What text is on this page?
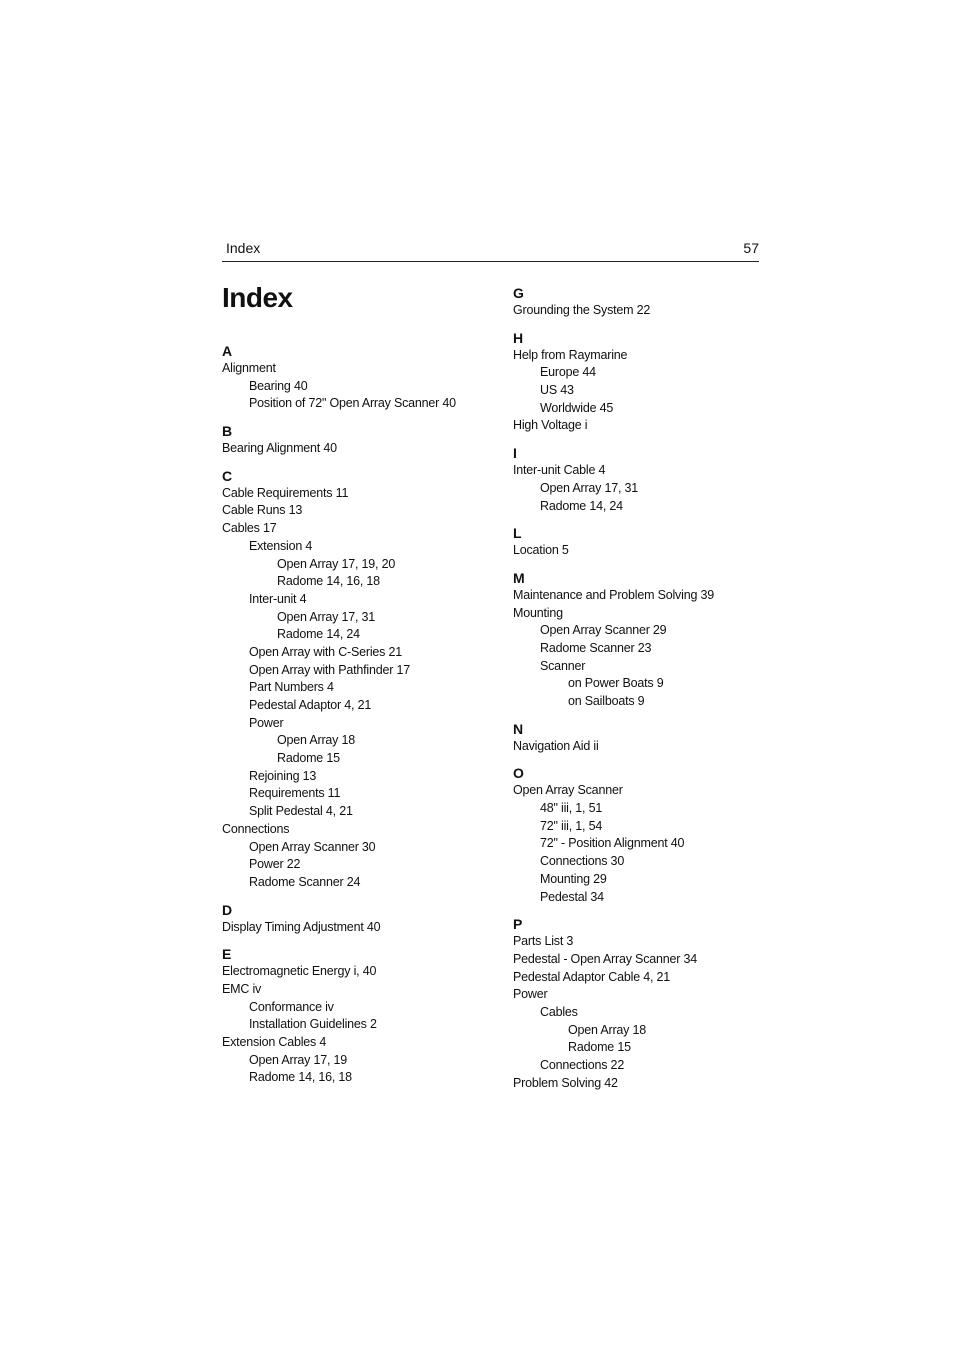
Index	57
Index
A
Alignment
Bearing 40
Position of 72" Open Array Scanner 40
B
Bearing Alignment 40
C
Cable Requirements 11
Cable Runs 13
Cables 17
Extension 4
Open Array 17, 19, 20
Radome 14, 16, 18
Inter-unit 4
Open Array 17, 31
Radome 14, 24
Open Array with C-Series 21
Open Array with Pathfinder 17
Part Numbers 4
Pedestal Adaptor 4, 21
Power
Open Array 18
Radome 15
Rejoining 13
Requirements 11
Split Pedestal 4, 21
Connections
Open Array Scanner 30
Power 22
Radome Scanner 24
D
Display Timing Adjustment 40
E
Electromagnetic Energy i, 40
EMC iv
Conformance iv
Installation Guidelines 2
Extension Cables 4
Open Array 17, 19
Radome 14, 16, 18
G
Grounding the System 22
H
Help from Raymarine
Europe 44
US 43
Worldwide 45
High Voltage i
I
Inter-unit Cable 4
Open Array 17, 31
Radome 14, 24
L
Location 5
M
Maintenance and Problem Solving 39
Mounting
Open Array Scanner 29
Radome Scanner 23
Scanner
on Power Boats 9
on Sailboats 9
N
Navigation Aid ii
O
Open Array Scanner
48" iii, 1, 51
72" iii, 1, 54
72" - Position Alignment 40
Connections 30
Mounting 29
Pedestal 34
P
Parts List 3
Pedestal - Open Array Scanner 34
Pedestal Adaptor Cable 4, 21
Power
Cables
Open Array 18
Radome 15
Connections 22
Problem Solving 42
